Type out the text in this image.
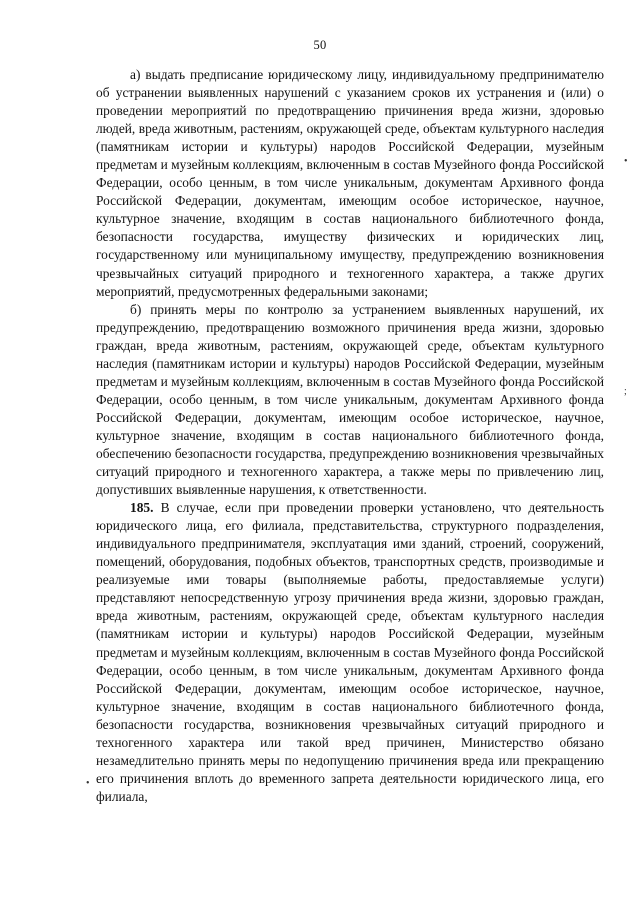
50

а) выдать предписание юридическому лицу, индивидуальному предпринимателю об устранении выявленных нарушений с указанием сроков их устранения и (или) о проведении мероприятий по предотвращению причинения вреда жизни, здоровью людей, вреда животным, растениям, окружающей среде, объектам культурного наследия (памятникам истории и культуры) народов Российской Федерации, музейным предметам и музейным коллекциям, включенным в состав Музейного фонда Российской Федерации, особо ценным, в том числе уникальным, документам Архивного фонда Российской Федерации, документам, имеющим особое историческое, научное, культурное значение, входящим в состав национального библиотечного фонда, безопасности государства, имуществу физических и юридических лиц, государственному или муниципальному имуществу, предупреждению возникновения чрезвычайных ситуаций природного и техногенного характера, а также других мероприятий, предусмотренных федеральными законами;

б) принять меры по контролю за устранением выявленных нарушений, их предупреждению, предотвращению возможного причинения вреда жизни, здоровью граждан, вреда животным, растениям, окружающей среде, объектам культурного наследия (памятникам истории и культуры) народов Российской Федерации, музейным предметам и музейным коллекциям, включенным в состав Музейного фонда Российской Федерации, особо ценным, в том числе уникальным, документам Архивного фонда Российской Федерации, документам, имеющим особое историческое, научное, культурное значение, входящим в состав национального библиотечного фонда, обеспечению безопасности государства, предупреждению возникновения чрезвычайных ситуаций природного и техногенного характера, а также меры по привлечению лиц, допустивших выявленные нарушения, к ответственности.

185. В случае, если при проведении проверки установлено, что деятельность юридического лица, его филиала, представительства, структурного подразделения, индивидуального предпринимателя, эксплуатация ими зданий, строений, сооружений, помещений, оборудования, подобных объектов, транспортных средств, производимые и реализуемые ими товары (выполняемые работы, предоставляемые услуги) представляют непосредственную угрозу причинения вреда жизни, здоровью граждан, вреда животным, растениям, окружающей среде, объектам культурного наследия (памятникам истории и культуры) народов Российской Федерации, музейным предметам и музейным коллекциям, включенным в состав Музейного фонда Российской Федерации, особо ценным, в том числе уникальным, документам Архивного фонда Российской Федерации, документам, имеющим особое историческое, научное, культурное значение, входящим в состав национального библиотечного фонда, безопасности государства, возникновения чрезвычайных ситуаций природного и техногенного характера или такой вред причинен, Министерство обязано незамедлительно принять меры по недопущению причинения вреда или прекращению его причинения вплоть до временного запрета деятельности юридического лица, его филиала,

•
;
•
